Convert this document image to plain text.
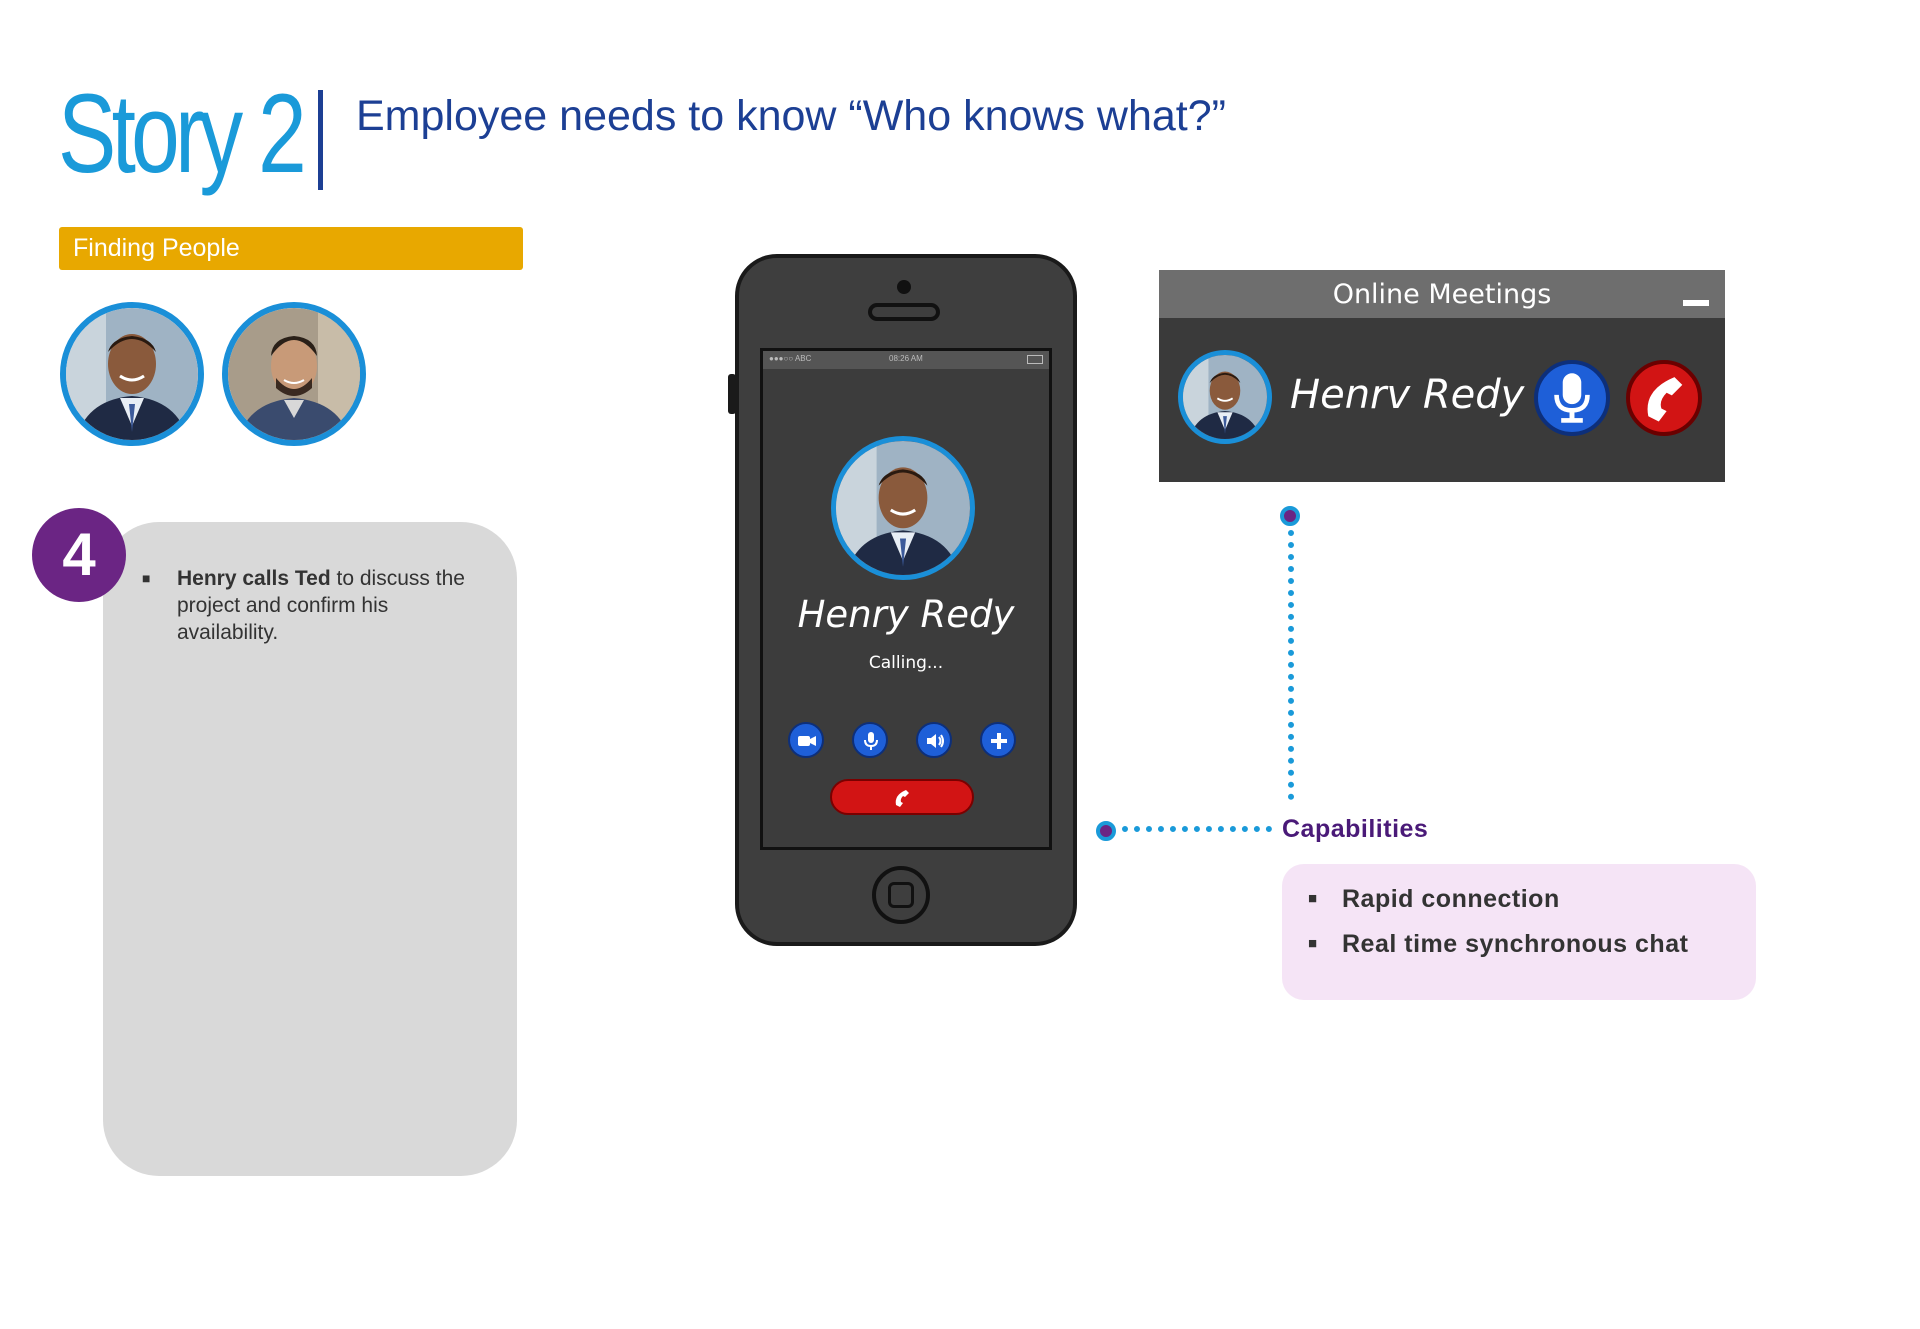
Story 2 Employee needs to know “Who knows what?”
Finding People
4	■ Henry calls Ted to discuss the project and confirm his availability.
●●●○○ ABC	08:26 AM
Henry Redy
Calling...
Online Meetings
Henrv Redy
Capabilities
■ Rapid connection
■ Real time synchronous chat
